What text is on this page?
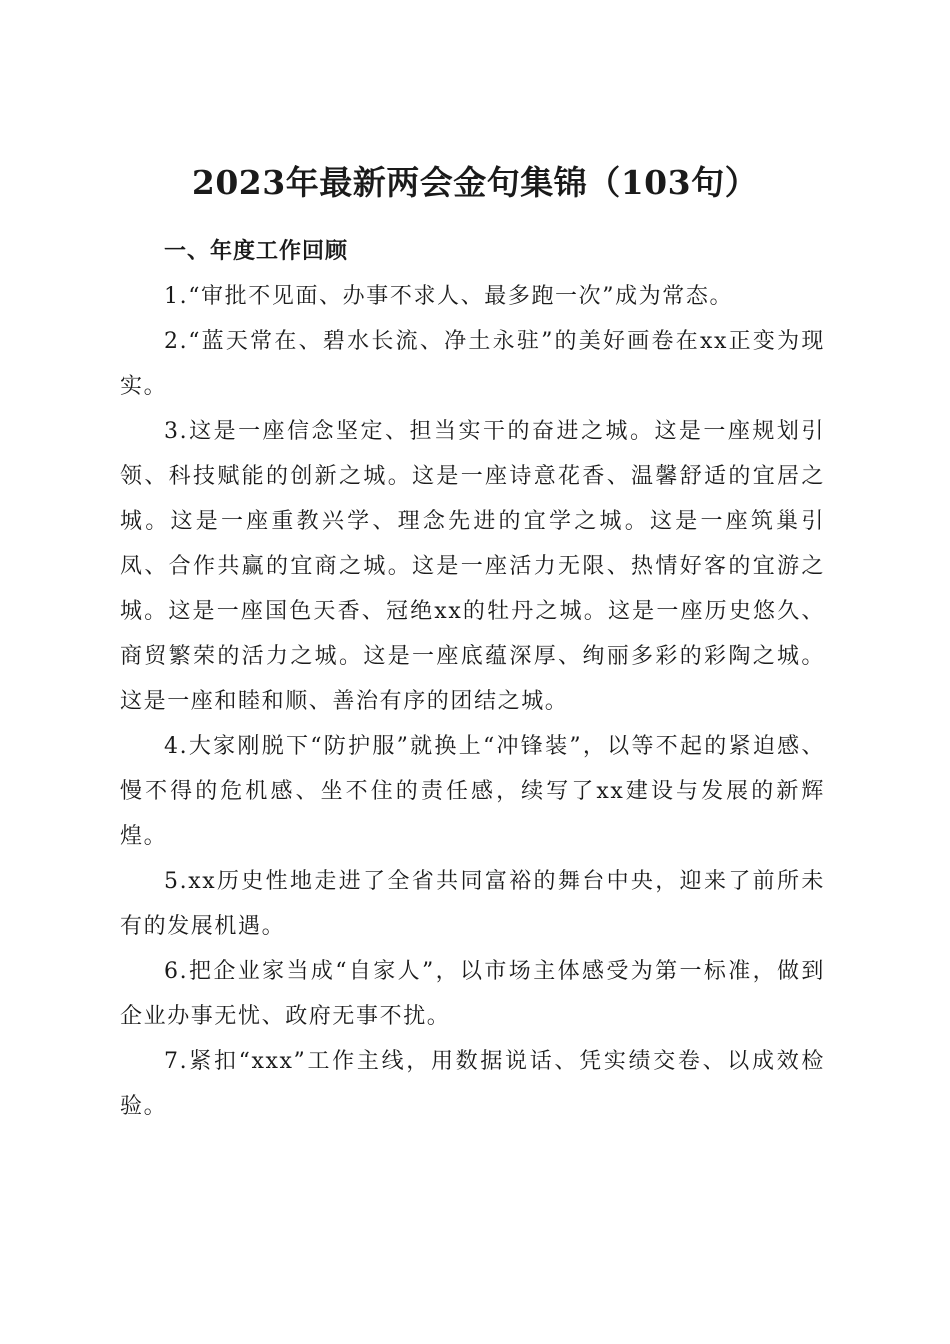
2023年最新两会金句集锦（103句）

一、年度工作回顾

1.“审批不见面、办事不求人、最多跑一次”成为常态。

2.“蓝天常在、碧水长流、净土永驻”的美好画卷在xx正变为现实。

3.这是一座信念坚定、担当实干的奋进之城。这是一座规划引领、科技赋能的创新之城。这是一座诗意花香、温馨舒适的宜居之城。这是一座重教兴学、理念先进的宜学之城。这是一座筑巢引凤、合作共赢的宜商之城。这是一座活力无限、热情好客的宜游之城。这是一座国色天香、冠绝xx的牡丹之城。这是一座历史悠久、商贸繁荣的活力之城。这是一座底蕴深厚、绚丽多彩的彩陶之城。这是一座和睦和顺、善治有序的团结之城。

4.大家刚脱下“防护服”就换上“冲锋装”，以等不起的紧迫感、慢不得的危机感、坐不住的责任感，续写了xx建设与发展的新辉煌。

5.xx历史性地走进了全省共同富裕的舞台中央，迎来了前所未有的发展机遇。

6.把企业家当成“自家人”，以市场主体感受为第一标准，做到企业办事无忧、政府无事不扰。

7.紧扣“xxx”工作主线，用数据说话、凭实绩交卷、以成效检验。
